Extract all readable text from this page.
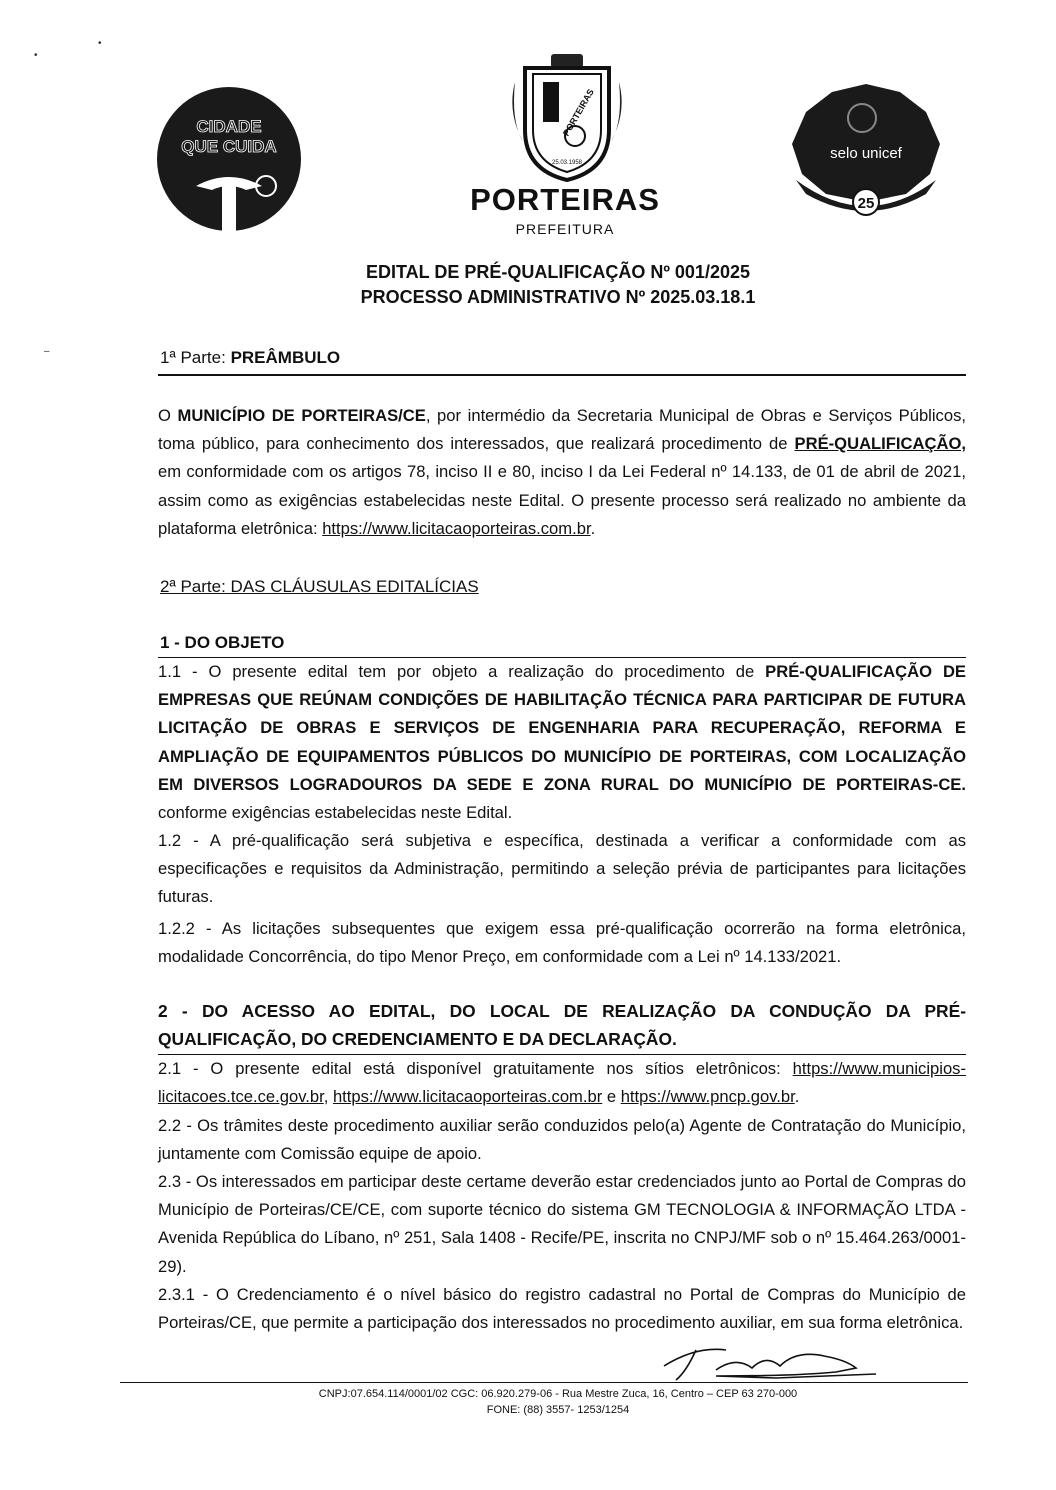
CIDADE
QUE CUIDA
PORTEIRAS
25.03.1958
PORTEIRAS
PREFEITURA
selo unicef
25
•
•
–
EDITAL DE PRÉ-QUALIFICAÇÃO Nº 001/2025
PROCESSO ADMINISTRATIVO Nº 2025.03.18.1
1ª Parte: PREÂMBULO
O MUNICÍPIO DE PORTEIRAS/CE, por intermédio da Secretaria Municipal de Obras e Serviços Públicos, toma público, para conhecimento dos interessados, que realizará procedimento de PRÉ-QUALIFICAÇÃO, em conformidade com os artigos 78, inciso II e 80, inciso I da Lei Federal nº 14.133, de 01 de abril de 2021, assim como as exigências estabelecidas neste Edital. O presente processo será realizado no ambiente da plataforma eletrônica: https://www.licitacaoporteiras.com.br.
2ª Parte: DAS CLÁUSULAS EDITALÍCIAS
1 - DO OBJETO
1.1 - O presente edital tem por objeto a realização do procedimento de PRÉ-QUALIFICAÇÃO DE EMPRESAS QUE REÚNAM CONDIÇÕES DE HABILITAÇÃO TÉCNICA PARA PARTICIPAR DE FUTURA LICITAÇÃO DE OBRAS E SERVIÇOS DE ENGENHARIA PARA RECUPERAÇÃO, REFORMA E AMPLIAÇÃO DE EQUIPAMENTOS PÚBLICOS DO MUNICÍPIO DE PORTEIRAS, COM LOCALIZAÇÃO EM DIVERSOS LOGRADOUROS DA SEDE E ZONA RURAL DO MUNICÍPIO DE PORTEIRAS-CE. conforme exigências estabelecidas neste Edital.
1.2 - A pré-qualificação será subjetiva e específica, destinada a verificar a conformidade com as especificações e requisitos da Administração, permitindo a seleção prévia de participantes para licitações futuras.
1.2.2 - As licitações subsequentes que exigem essa pré-qualificação ocorrerão na forma eletrônica, modalidade Concorrência, do tipo Menor Preço, em conformidade com a Lei nº 14.133/2021.
2 - DO ACESSO AO EDITAL, DO LOCAL DE REALIZAÇÃO DA CONDUÇÃO DA PRÉ-QUALIFICAÇÃO, DO CREDENCIAMENTO E DA DECLARAÇÃO.
2.1 - O presente edital está disponível gratuitamente nos sítios eletrônicos: https://www.municipios-licitacoes.tce.ce.gov.br, https://www.licitacaoporteiras.com.br e https://www.pncp.gov.br.
2.2 - Os trâmites deste procedimento auxiliar serão conduzidos pelo(a) Agente de Contratação do Município, juntamente com Comissão equipe de apoio.
2.3 - Os interessados em participar deste certame deverão estar credenciados junto ao Portal de Compras do Município de Porteiras/CE/CE, com suporte técnico do sistema GM TECNOLOGIA & INFORMAÇÃO LTDA - Avenida República do Líbano, nº 251, Sala 1408 - Recife/PE, inscrita no CNPJ/MF sob o nº 15.464.263/0001-29).
2.3.1 - O Credenciamento é o nível básico do registro cadastral no Portal de Compras do Município de Porteiras/CE, que permite a participação dos interessados no procedimento auxiliar, em sua forma eletrônica.
CNPJ:07.654.114/0001/02 CGC: 06.920.279-06 - Rua Mestre Zuca, 16, Centro – CEP 63 270-000
FONE: (88) 3557- 1253/1254
